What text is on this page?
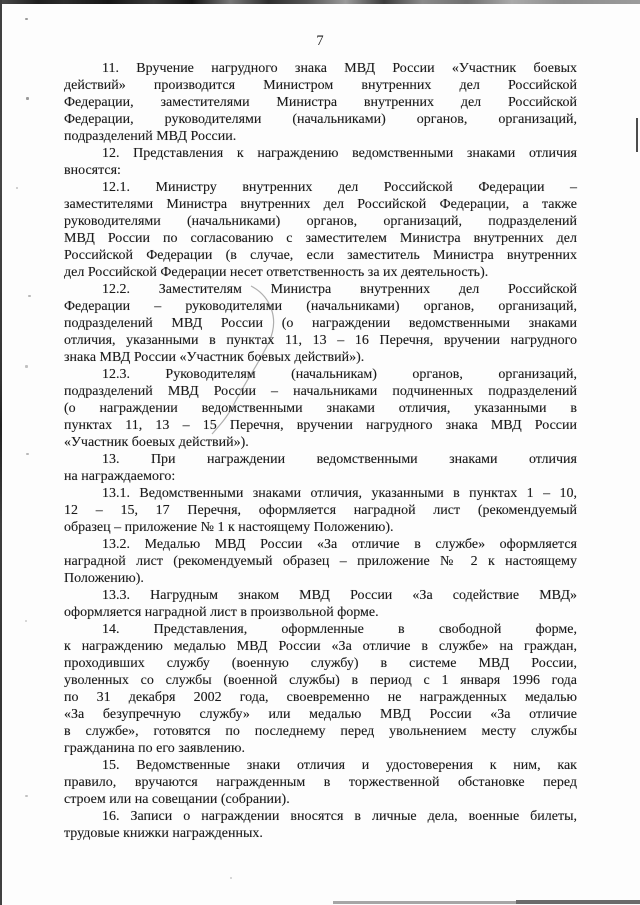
7
11. Вручение нагрудного знака МВД России «Участник боевых
действий» производится Министром внутренних дел Российской
Федерации, заместителями Министра внутренних дел Российской
Федерации, руководителями (начальниками) органов, организаций,
подразделений МВД России.
12. Представления к награждению ведомственными знаками отличия
вносятся:
12.1. Министру внутренних дел Российской Федерации –
заместителями Министра внутренних дел Российской Федерации, а также
руководителями (начальниками) органов, организаций, подразделений
МВД России по согласованию с заместителем Министра внутренних дел
Российской Федерации (в случае, если заместитель Министра внутренних
дел Российской Федерации несет ответственность за их деятельность).
12.2. Заместителям Министра внутренних дел Российской
Федерации – руководителями (начальниками) органов, организаций,
подразделений МВД России (о награждении ведомственными знаками
отличия, указанными в пунктах 11, 13 – 16 Перечня, вручении нагрудного
знака МВД России «Участник боевых действий»).
12.3. Руководителям (начальникам) органов, организаций,
подразделений МВД России – начальниками подчиненных подразделений
(о награждении ведомственными знаками отличия, указанными в
пунктах 11, 13 – 15 Перечня, вручении нагрудного знака МВД России
«Участник боевых действий»).
13. При награждении ведомственными знаками отличия
на награждаемого:
13.1. Ведомственными знаками отличия, указанными в пунктах 1 – 10,
12 – 15, 17 Перечня, оформляется наградной лист (рекомендуемый
образец – приложение № 1 к настоящему Положению).
13.2. Медалью МВД России «За отличие в службе» оформляется
наградной лист (рекомендуемый образец – приложение № 2 к настоящему
Положению).
13.3. Нагрудным знаком МВД России «За содействие МВД»
оформляется наградной лист в произвольной форме.
14. Представления, оформленные в свободной форме,
к награждению медалью МВД России «За отличие в службе» на граждан,
проходивших службу (военную службу) в системе МВД России,
уволенных со службы (военной службы) в период с 1 января 1996 года
по 31 декабря 2002 года, своевременно не награжденных медалью
«За безупречную службу» или медалью МВД России «За отличие
в службе», готовятся по последнему перед увольнением месту службы
гражданина по его заявлению.
15. Ведомственные знаки отличия и удостоверения к ним, как
правило, вручаются награжденным в торжественной обстановке перед
строем или на совещании (собрании).
16. Записи о награждении вносятся в личные дела, военные билеты,
трудовые книжки награжденных.
